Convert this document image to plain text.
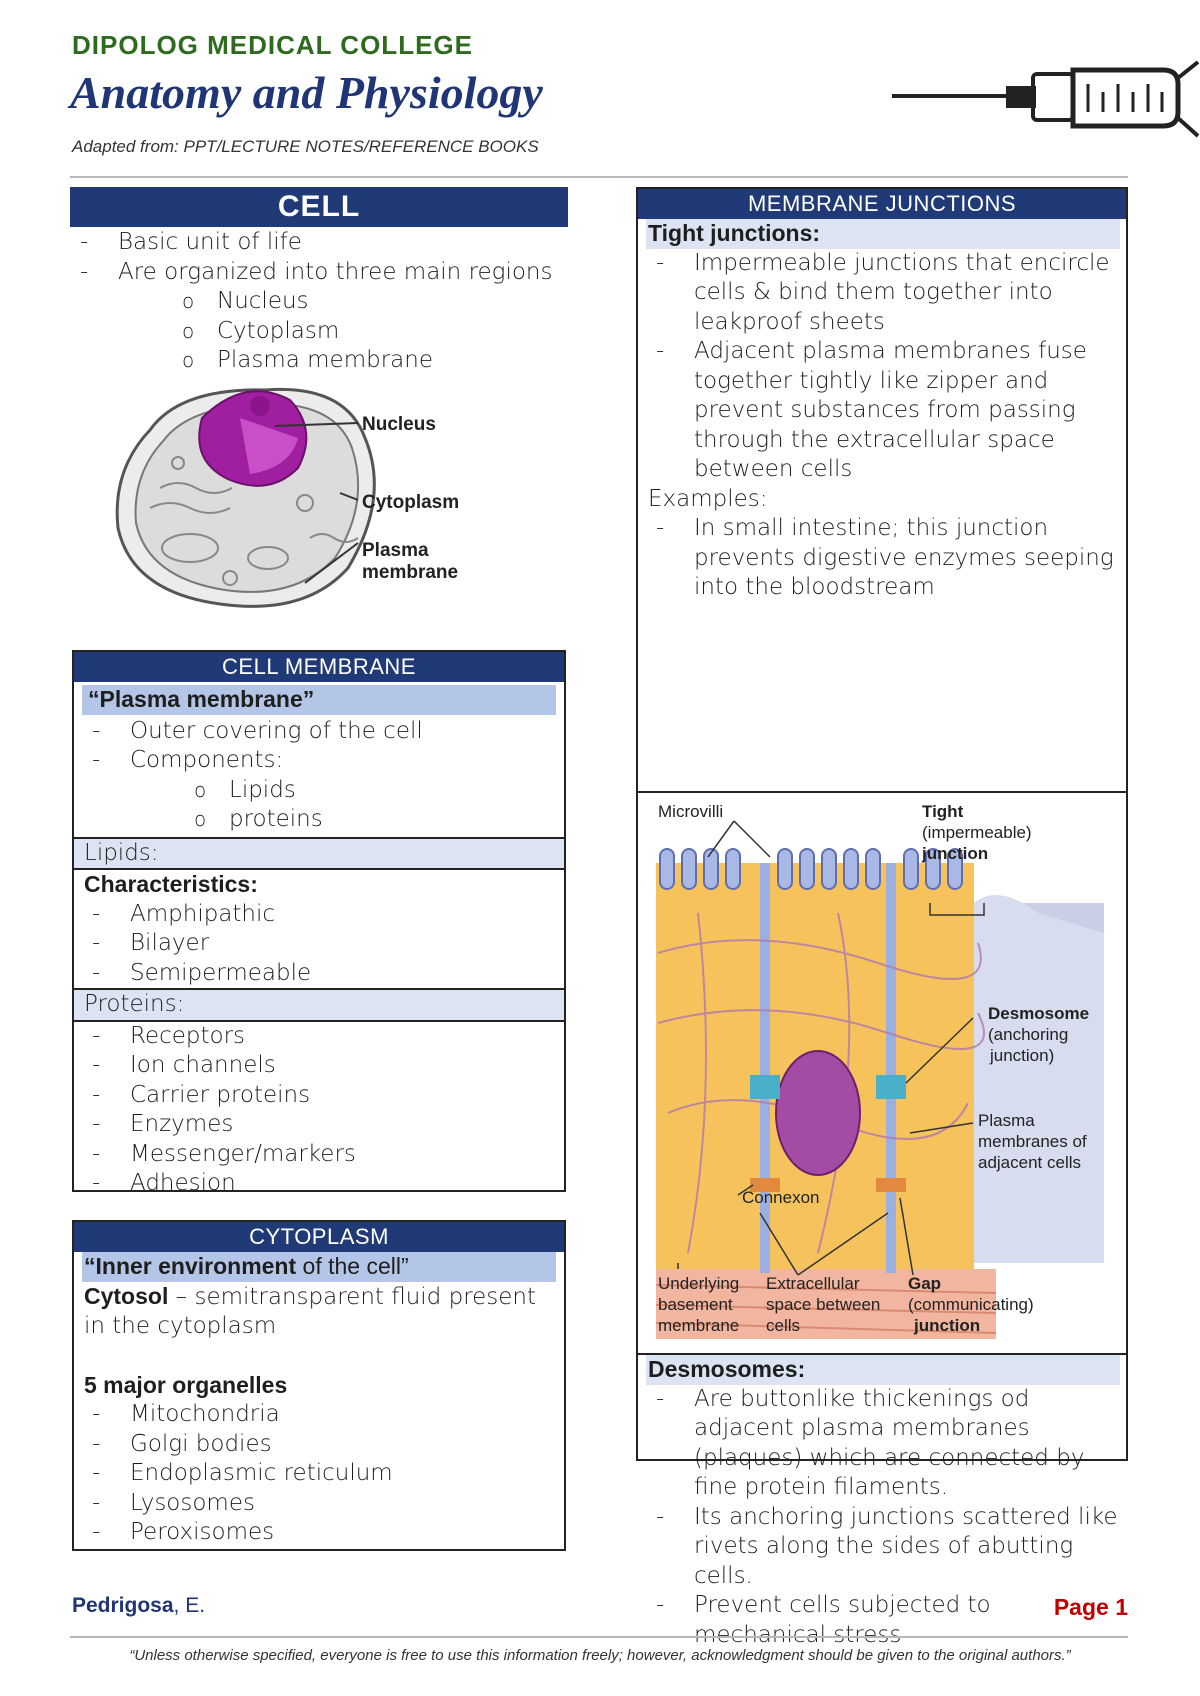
DIPOLOG MEDICAL COLLEGE
Anatomy and Physiology
Adapted from: PPT/LECTURE NOTES/REFERENCE BOOKS
CELL
- Basic unit of life
- Are organized into three main regions
o Nucleus
o Cytoplasm
o Plasma membrane
Nucleus
Cytoplasm
Plasma
membrane
CELL MEMBRANE
“Plasma membrane”
- Outer covering of the cell
- Components:
o Lipids
o proteins
Lipids:
Characteristics:
- Amphipathic
- Bilayer
- Semipermeable
Proteins:
- Receptors
- Ion channels
- Carrier proteins
- Enzymes
- Messenger/markers
- Adhesion
CYTOPLASM
“Inner environment of the cell”
Cytosol – semitransparent fluid present in the cytoplasm
5 major organelles
- Mitochondria
- Golgi bodies
- Endoplasmic reticulum
- Lysosomes
- Peroxisomes
MEMBRANE JUNCTIONS
Tight junctions:
- Impermeable junctions that encircle cells & bind them together into leakproof sheets
- Adjacent plasma membranes fuse together tightly like zipper and prevent substances from passing through the extracellular space between cells
Examples:
- In small intestine; this junction prevents digestive enzymes seeping into the bloodstream
Microvilli	Tight
(impermeable)
junction
Desmosome
(anchoring
junction)
Plasma
membranes of
adjacent cells
Connexon
Underlying
basement
membrane
Extracellular
space between
cells
Gap
(communicating)
junction
Desmosomes:
- Are buttonlike thickenings od adjacent plasma membranes (plaques) which are connected by fine protein filaments.
- Its anchoring junctions scattered like rivets along the sides of abutting cells.
- Prevent cells subjected to mechanical stress
Pedrigosa, E.	Page 1
“Unless otherwise specified, everyone is free to use this information freely; however, acknowledgment should be given to the original authors.”
